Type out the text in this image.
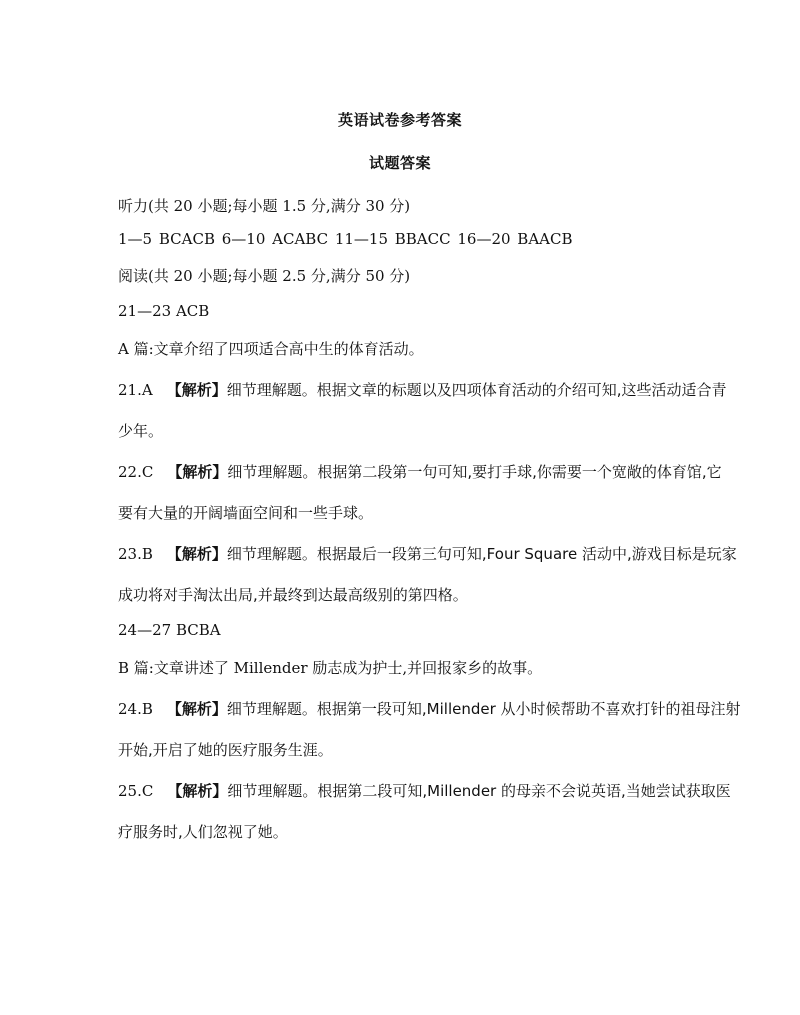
英语试卷参考答案
试题答案
听力(共 20 小题;每小题 1.5 分,满分 30 分)
1—5 BCACB 6—10 ACABC 11—15 BBACC 16—20 BAACB
阅读(共 20 小题;每小题 2.5 分,满分 50 分)
21—23 ACB
A 篇:文章介绍了四项适合高中生的体育活动。
21.A 【解析】细节理解题。根据文章的标题以及四项体育活动的介绍可知,这些活动适合青
少年。
22.C 【解析】细节理解题。根据第二段第一句可知,要打手球,你需要一个宽敞的体育馆,它
要有大量的开阔墙面空间和一些手球。
23.B 【解析】细节理解题。根据最后一段第三句可知,Four Square 活动中,游戏目标是玩家
成功将对手淘汰出局,并最终到达最高级别的第四格。
24—27 BCBA
B 篇:文章讲述了 Millender 励志成为护士,并回报家乡的故事。
24.B 【解析】细节理解题。根据第一段可知,Millender 从小时候帮助不喜欢打针的祖母注射
开始,开启了她的医疗服务生涯。
25.C 【解析】细节理解题。根据第二段可知,Millender 的母亲不会说英语,当她尝试获取医
疗服务时,人们忽视了她。
